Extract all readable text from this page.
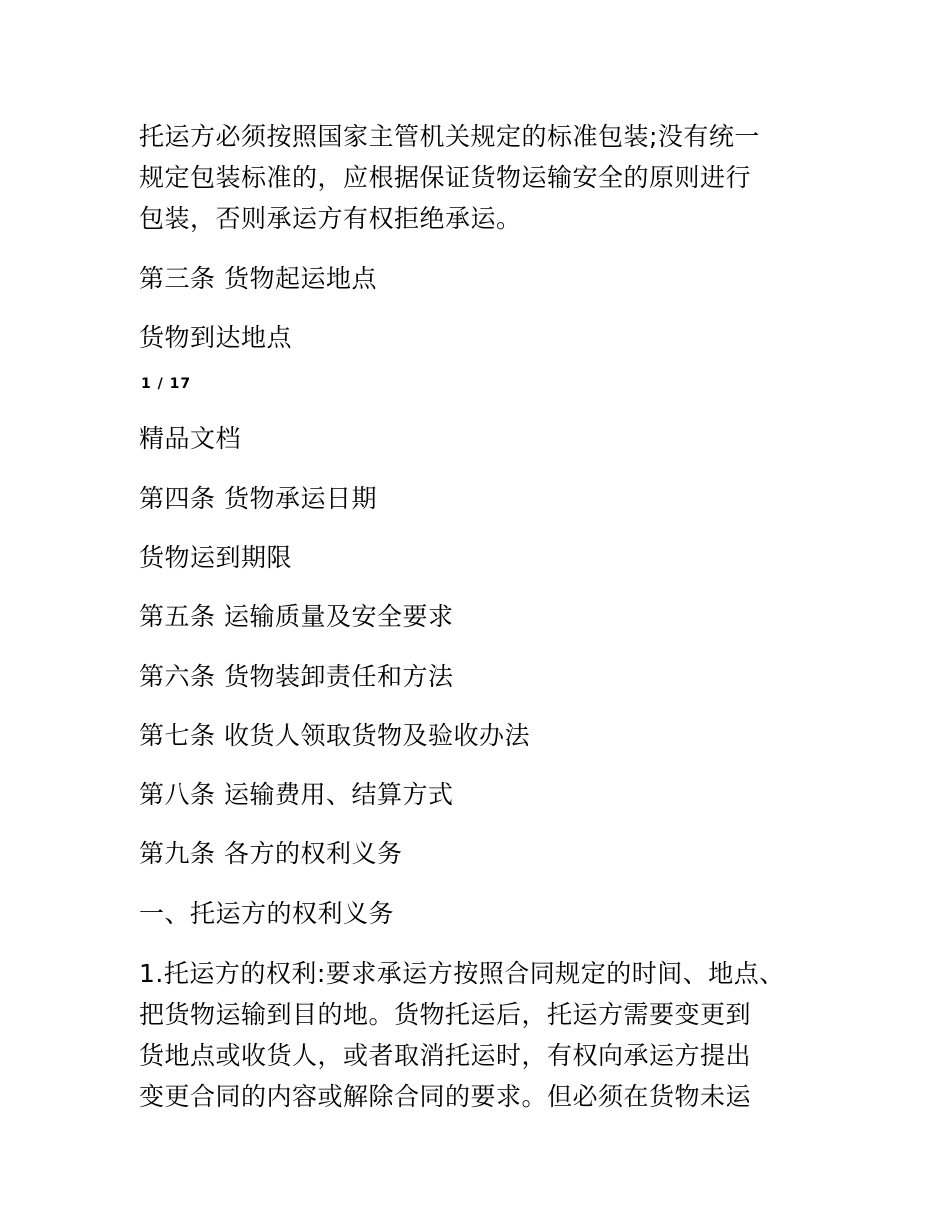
托运方必须按照国家主管机关规定的标准包装;没有统一

规定包装标准的，应根据保证货物运输安全的原则进行

包装，否则承运方有权拒绝承运。

第三条 货物起运地点

货物到达地点

1 / 17

精品文档

第四条 货物承运日期

货物运到期限

第五条 运输质量及安全要求

第六条 货物装卸责任和方法

第七条 收货人领取货物及验收办法

第八条 运输费用、结算方式

第九条 各方的权利义务

一、托运方的权利义务

1.托运方的权利:要求承运方按照合同规定的时间、地点、

把货物运输到目的地。货物托运后，托运方需要变更到

货地点或收货人，或者取消托运时，有权向承运方提出

变更合同的内容或解除合同的要求。但必须在货物未运
